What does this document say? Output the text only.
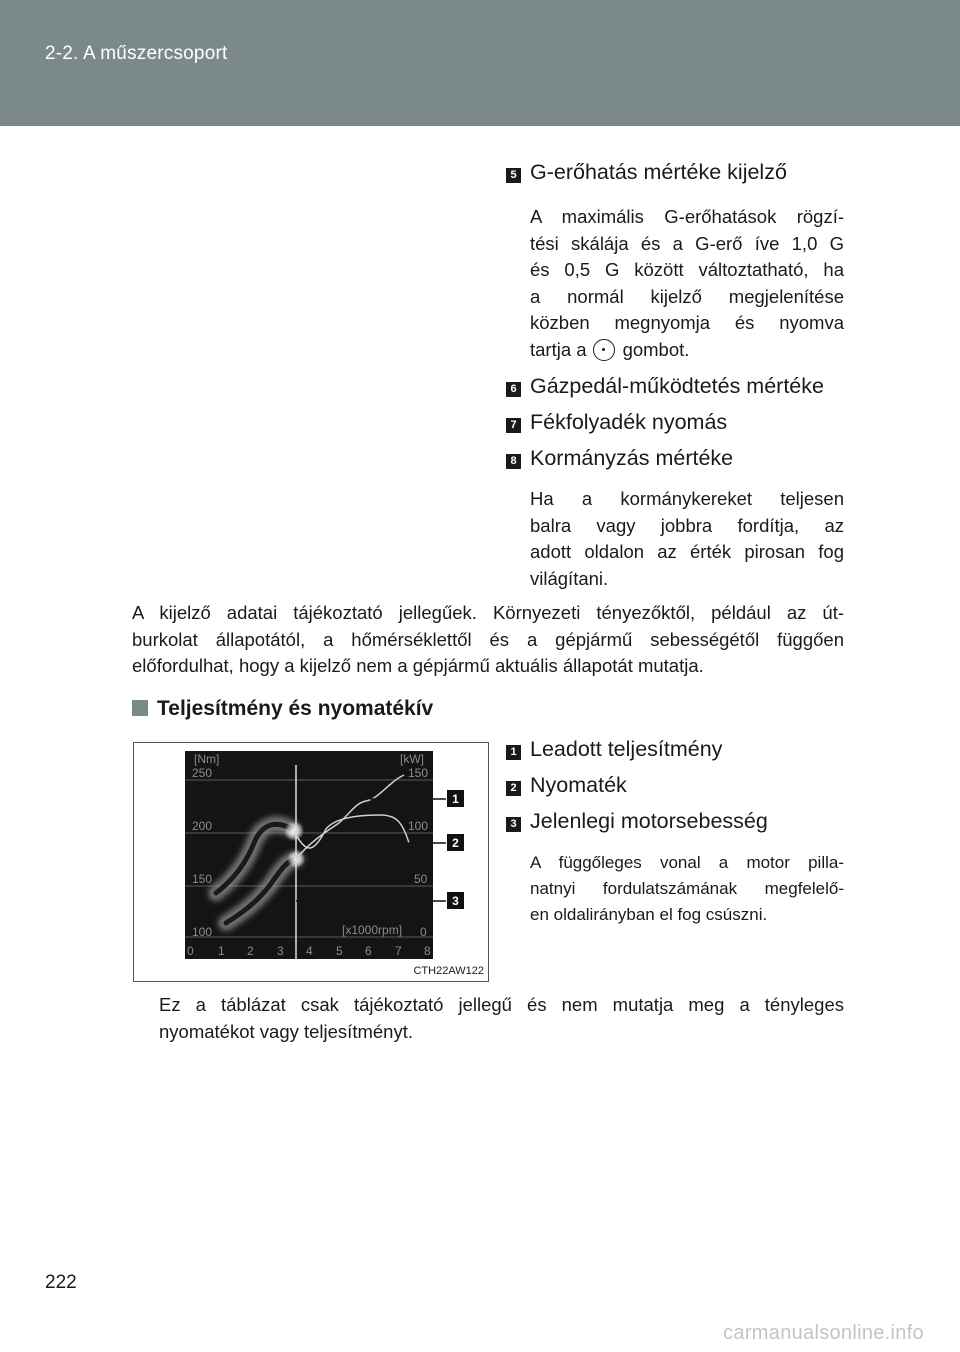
2-2. A műszercsoport
5 G-erőhatás mértéke kijelző
A maximális G-erőhatások rögzí-
tési skálája és a G-erő íve 1,0 G
és 0,5 G között változtatható, ha
a normál kijelző megjelenítése
közben megnyomja és nyomva
tartja a gombot.
6 Gázpedál-működtetés mértéke
7 Fékfolyadék nyomás
8 Kormányzás mértéke
Ha a kormánykereket teljesen
balra vagy jobbra fordítja, az
adott oldalon az érték pirosan fog
világítani.
A kijelző adatai tájékoztató jellegűek. Környezeti tényezőktől, például az út-
burkolat állapotától, a hőmérséklettől és a gépjármű sebességétől függően
előfordulhat, hogy a kijelző nem a gépjármű aktuális állapotát mutatja.
Teljesítmény és nyomatékív
[Nm]	[kW]
250
200
150
100
150
100
50
0
[x1000rpm]
0 1 2 3 4 5 6 7 8
1
2
3
CTH22AW122
1 Leadott teljesítmény
2 Nyomaték
3 Jelenlegi motorsebesség
A függőleges vonal a motor pilla-
natnyi fordulatszámának megfelelő-
en oldalirányban el fog csúszni.
Ez a táblázat csak tájékoztató jellegű és nem mutatja meg a tényleges
nyomatékot vagy teljesítményt.
222
carmanualsonline.info
